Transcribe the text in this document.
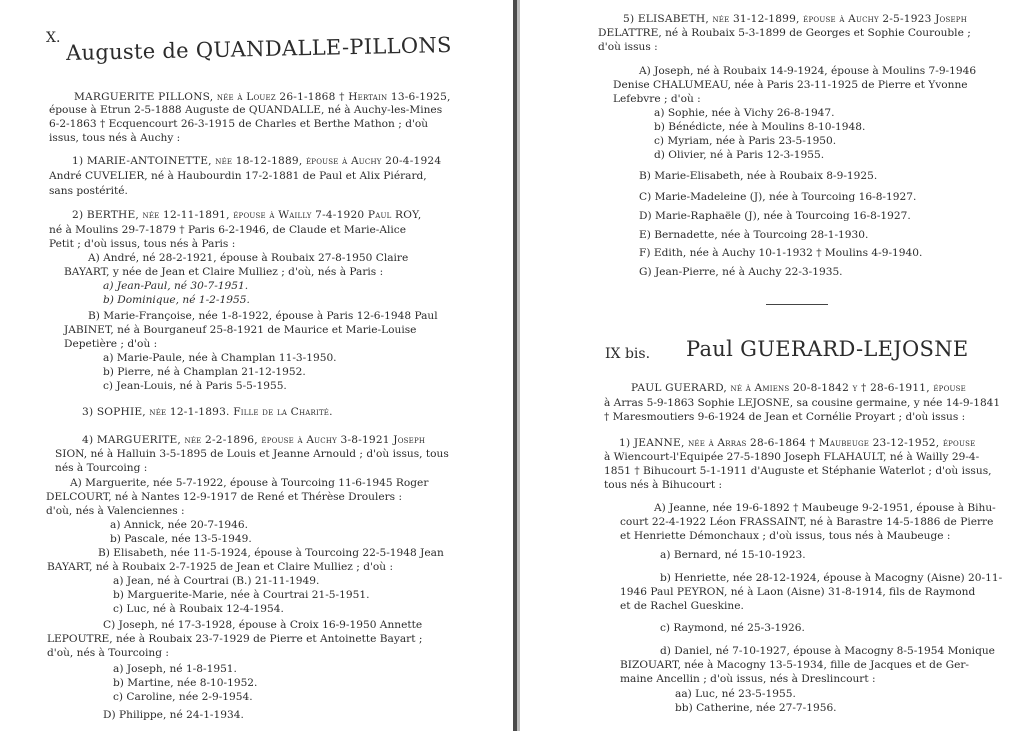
X. Auguste de QUANDALLE-PILLONS

MARGUERITE PILLONS, née à Louez 26-1-1868 † Hertain 13-6-1925,

épouse à Etrun 2-5-1888 Auguste de QUANDALLE, né à Auchy-les-Mines

6-2-1863 † Ecquencourt 26-3-1915 de Charles et Berthe Mathon ; d'où

issus, tous nés à Auchy :

1) MARIE-ANTOINETTE, née 18-12-1889, épouse à Auchy 20-4-1924

André CUVELIER, né à Haubourdin 17-2-1881 de Paul et Alix Piérard,

sans postérité.

2) BERTHE, née 12-11-1891, épouse à Wailly 7-4-1920 Paul ROY,

né à Moulins 29-7-1879 † Paris 6-2-1946, de Claude et Marie-Alice

Petit ; d'où issus, tous nés à Paris :

A) André, né 28-2-1921, épouse à Roubaix 27-8-1950 Claire

BAYART, y née de Jean et Claire Mulliez ; d'où, nés à Paris :

a) Jean-Paul, né 30-7-1951.

b) Dominique, né 1-2-1955.

B) Marie-Françoise, née 1-8-1922, épouse à Paris 12-6-1948 Paul

JABINET, né à Bourganeuf 25-8-1921 de Maurice et Marie-Louise

Depetière ; d'où :

a) Marie-Paule, née à Champlan 11-3-1950.

b) Pierre, né à Champlan 21-12-1952.

c) Jean-Louis, né à Paris 5-5-1955.

3) SOPHIE, née 12-1-1893. Fille de la Charité.

4) MARGUERITE, née 2-2-1896, épouse à Auchy 3-8-1921 Joseph

SION, né à Halluin 3-5-1895 de Louis et Jeanne Arnould ; d'où issus, tous

nés à Tourcoing :

A) Marguerite, née 5-7-1922, épouse à Tourcoing 11-6-1945 Roger

DELCOURT, né à Nantes 12-9-1917 de René et Thérèse Droulers :

d'où, nés à Valenciennes :

a) Annick, née 20-7-1946.

b) Pascale, née 13-5-1949.

B) Elisabeth, née 11-5-1924, épouse à Tourcoing 22-5-1948 Jean

BAYART, né à Roubaix 2-7-1925 de Jean et Claire Mulliez ; d'où :

a) Jean, né à Courtrai (B.) 21-11-1949.

b) Marguerite-Marie, née à Courtrai 21-5-1951.

c) Luc, né à Roubaix 12-4-1954.

C) Joseph, né 17-3-1928, épouse à Croix 16-9-1950 Annette

LEPOUTRE, née à Roubaix 23-7-1929 de Pierre et Antoinette Bayart ;

d'où, nés à Tourcoing :

a) Joseph, né 1-8-1951.

b) Martine, née 8-10-1952.

c) Caroline, née 2-9-1954.

D) Philippe, né 24-1-1934.

5) ELISABETH, née 31-12-1899, épouse à Auchy 2-5-1923 Joseph

DELATTRE, né à Roubaix 5-3-1899 de Georges et Sophie Courouble ;

d'où issus :

A) Joseph, né à Roubaix 14-9-1924, épouse à Moulins 7-9-1946

Denise CHALUMEAU, née à Paris 23-11-1925 de Pierre et Yvonne

Lefebvre ; d'où :

a) Sophie, née à Vichy 26-8-1947.

b) Bénédicte, née à Moulins 8-10-1948.

c) Myriam, née à Paris 23-5-1950.

d) Olivier, né à Paris 12-3-1955.

B) Marie-Elisabeth, née à Roubaix 8-9-1925.

C) Marie-Madeleine (J), née à Tourcoing 16-8-1927.

D) Marie-Raphaële (J), née à Tourcoing 16-8-1927.

E) Bernadette, née à Tourcoing 28-1-1930.

F) Edith, née à Auchy 10-1-1932 † Moulins 4-9-1940.

G) Jean-Pierre, né à Auchy 22-3-1935.

IX bis. Paul GUERARD-LEJOSNE

PAUL GUERARD, né à Amiens 20-8-1842 y † 28-6-1911, épouse

à Arras 5-9-1863 Sophie LEJOSNE, sa cousine germaine, y née 14-9-1841

† Maresmoutiers 9-6-1924 de Jean et Cornélie Proyart ; d'où issus :

1) JEANNE, née à Arras 28-6-1864 † Maubeuge 23-12-1952, épouse

à Wiencourt-l'Equipée 27-5-1890 Joseph FLAHAULT, né à Wailly 29-4-

1851 † Bihucourt 5-1-1911 d'Auguste et Stéphanie Waterlot ; d'où issus,

tous nés à Bihucourt :

A) Jeanne, née 19-6-1892 † Maubeuge 9-2-1951, épouse à Bihu-

court 22-4-1922 Léon FRASSAINT, né à Barastre 14-5-1886 de Pierre

et Henriette Démonchaux ; d'où issus, tous nés à Maubeuge :

a) Bernard, né 15-10-1923.

b) Henriette, née 28-12-1924, épouse à Macogny (Aisne) 20-11-

1946 Paul PEYRON, né à Laon (Aisne) 31-8-1914, fils de Raymond

et de Rachel Gueskine.

c) Raymond, né 25-3-1926.

d) Daniel, né 7-10-1927, épouse à Macogny 8-5-1954 Monique

BIZOUART, née à Macogny 13-5-1934, fille de Jacques et de Ger-

maine Ancellin ; d'où issus, nés à Dreslincourt :

aa) Luc, né 23-5-1955.

bb) Catherine, née 27-7-1956.
